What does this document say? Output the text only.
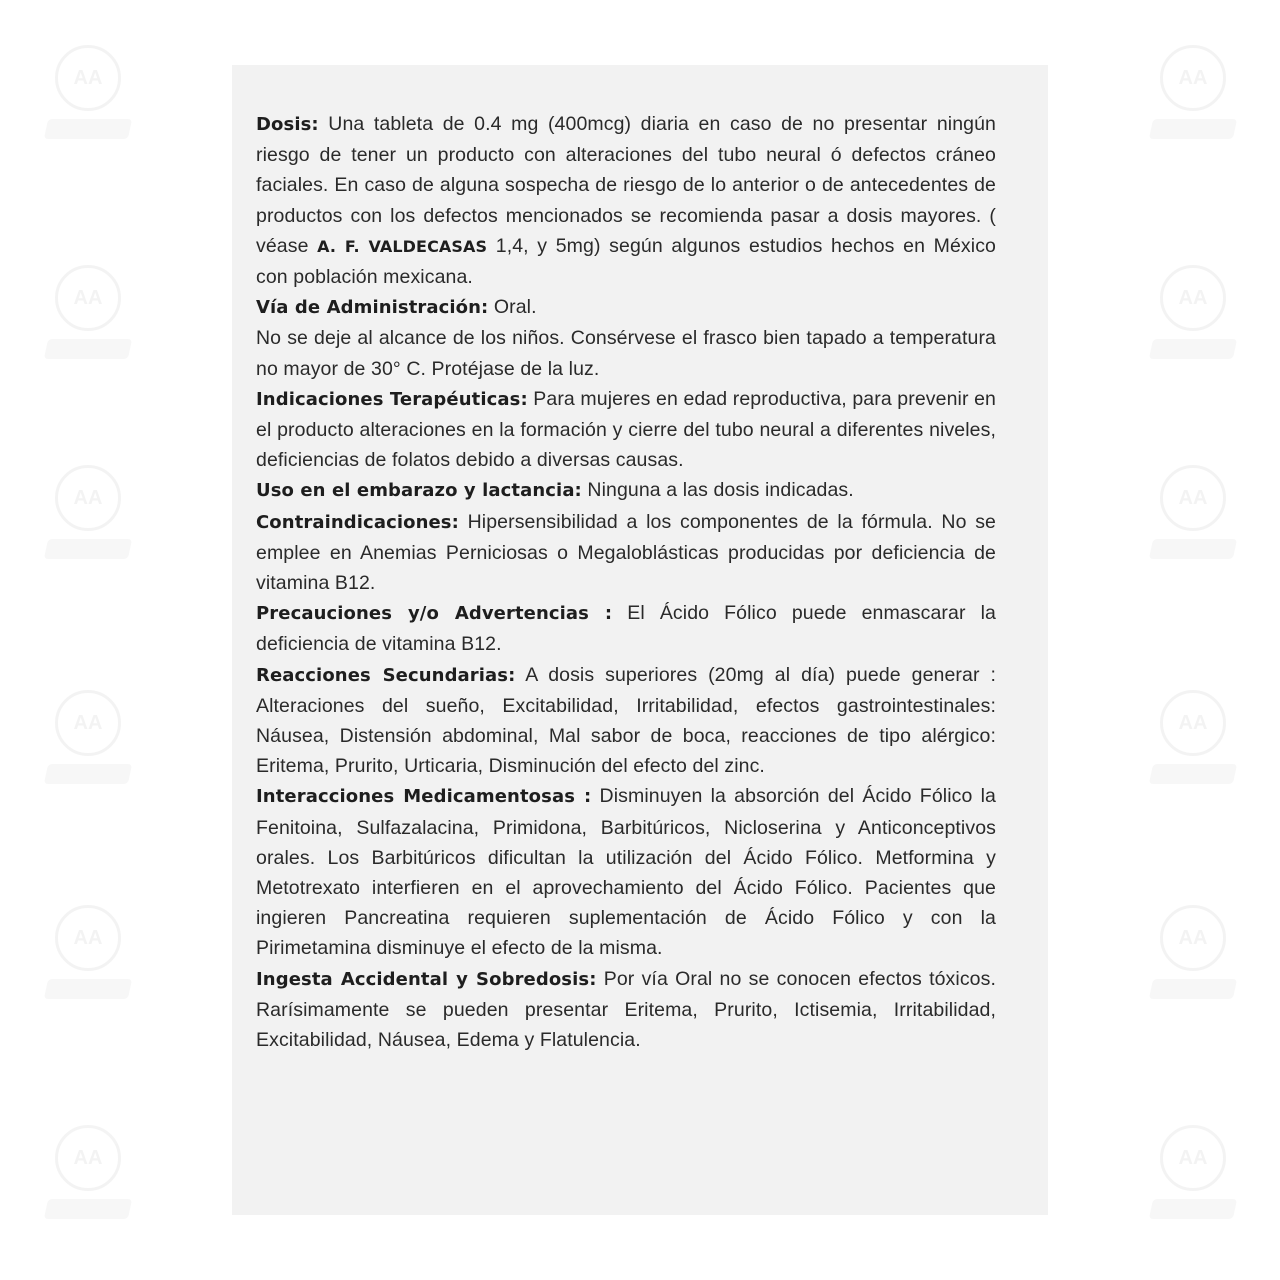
AA	AA
AA	AA
AA	AA
AA	AA
AA	AA
AA	AA

Dosis: Una tableta de 0.4 mg (400mcg) diaria en caso de no presentar ningún riesgo de tener un producto con alteraciones del tubo neural ó defectos cráneo faciales. En caso de alguna sospecha de riesgo de lo anterior o de antecedentes de productos con los defectos mencionados se recomienda pasar a dosis mayores. ( véase A. F. VALDECASAS 1,4, y 5mg) según algunos estudios hechos en México con población mexicana.

Vía de Administración: Oral.

No se deje al alcance de los niños. Consérvese el frasco bien tapado a temperatura no mayor de 30° C. Protéjase de la luz.

Indicaciones Terapéuticas: Para mujeres en edad reproductiva, para prevenir en el producto alteraciones en la formación y cierre del tubo neural a diferentes niveles, deficiencias de folatos debido a diversas causas.

Uso en el embarazo y lactancia: Ninguna a las dosis indicadas.

Contraindicaciones: Hipersensibilidad a los componentes de la fórmula. No se emplee en Anemias Perniciosas o Megaloblásticas producidas por deficiencia de vitamina B12.

Precauciones y/o Advertencias : El Ácido Fólico puede enmascarar la deficiencia de vitamina B12.

Reacciones Secundarias: A dosis superiores (20mg al día) puede generar : Alteraciones del sueño, Excitabilidad, Irritabilidad, efectos gastrointestinales: Náusea, Distensión abdominal, Mal sabor de boca, reacciones de tipo alérgico: Eritema, Prurito, Urticaria, Disminución del efecto del zinc.

Interacciones Medicamentosas : Disminuyen la absorción del Ácido Fólico la Fenitoina, Sulfazalacina, Primidona, Barbitúricos, Nicloserina y Anticonceptivos orales. Los Barbitúricos dificultan la utilización del Ácido Fólico. Metformina y Metotrexato interfieren en el aprovechamiento del Ácido Fólico. Pacientes que ingieren Pancreatina requieren suplementación de Ácido Fólico y con la Pirimetamina disminuye el efecto de la misma.

Ingesta Accidental y Sobredosis: Por vía Oral no se conocen efectos tóxicos. Rarísimamente se pueden presentar Eritema, Prurito, Ictisemia, Irritabilidad, Excitabilidad, Náusea, Edema y Flatulencia.
